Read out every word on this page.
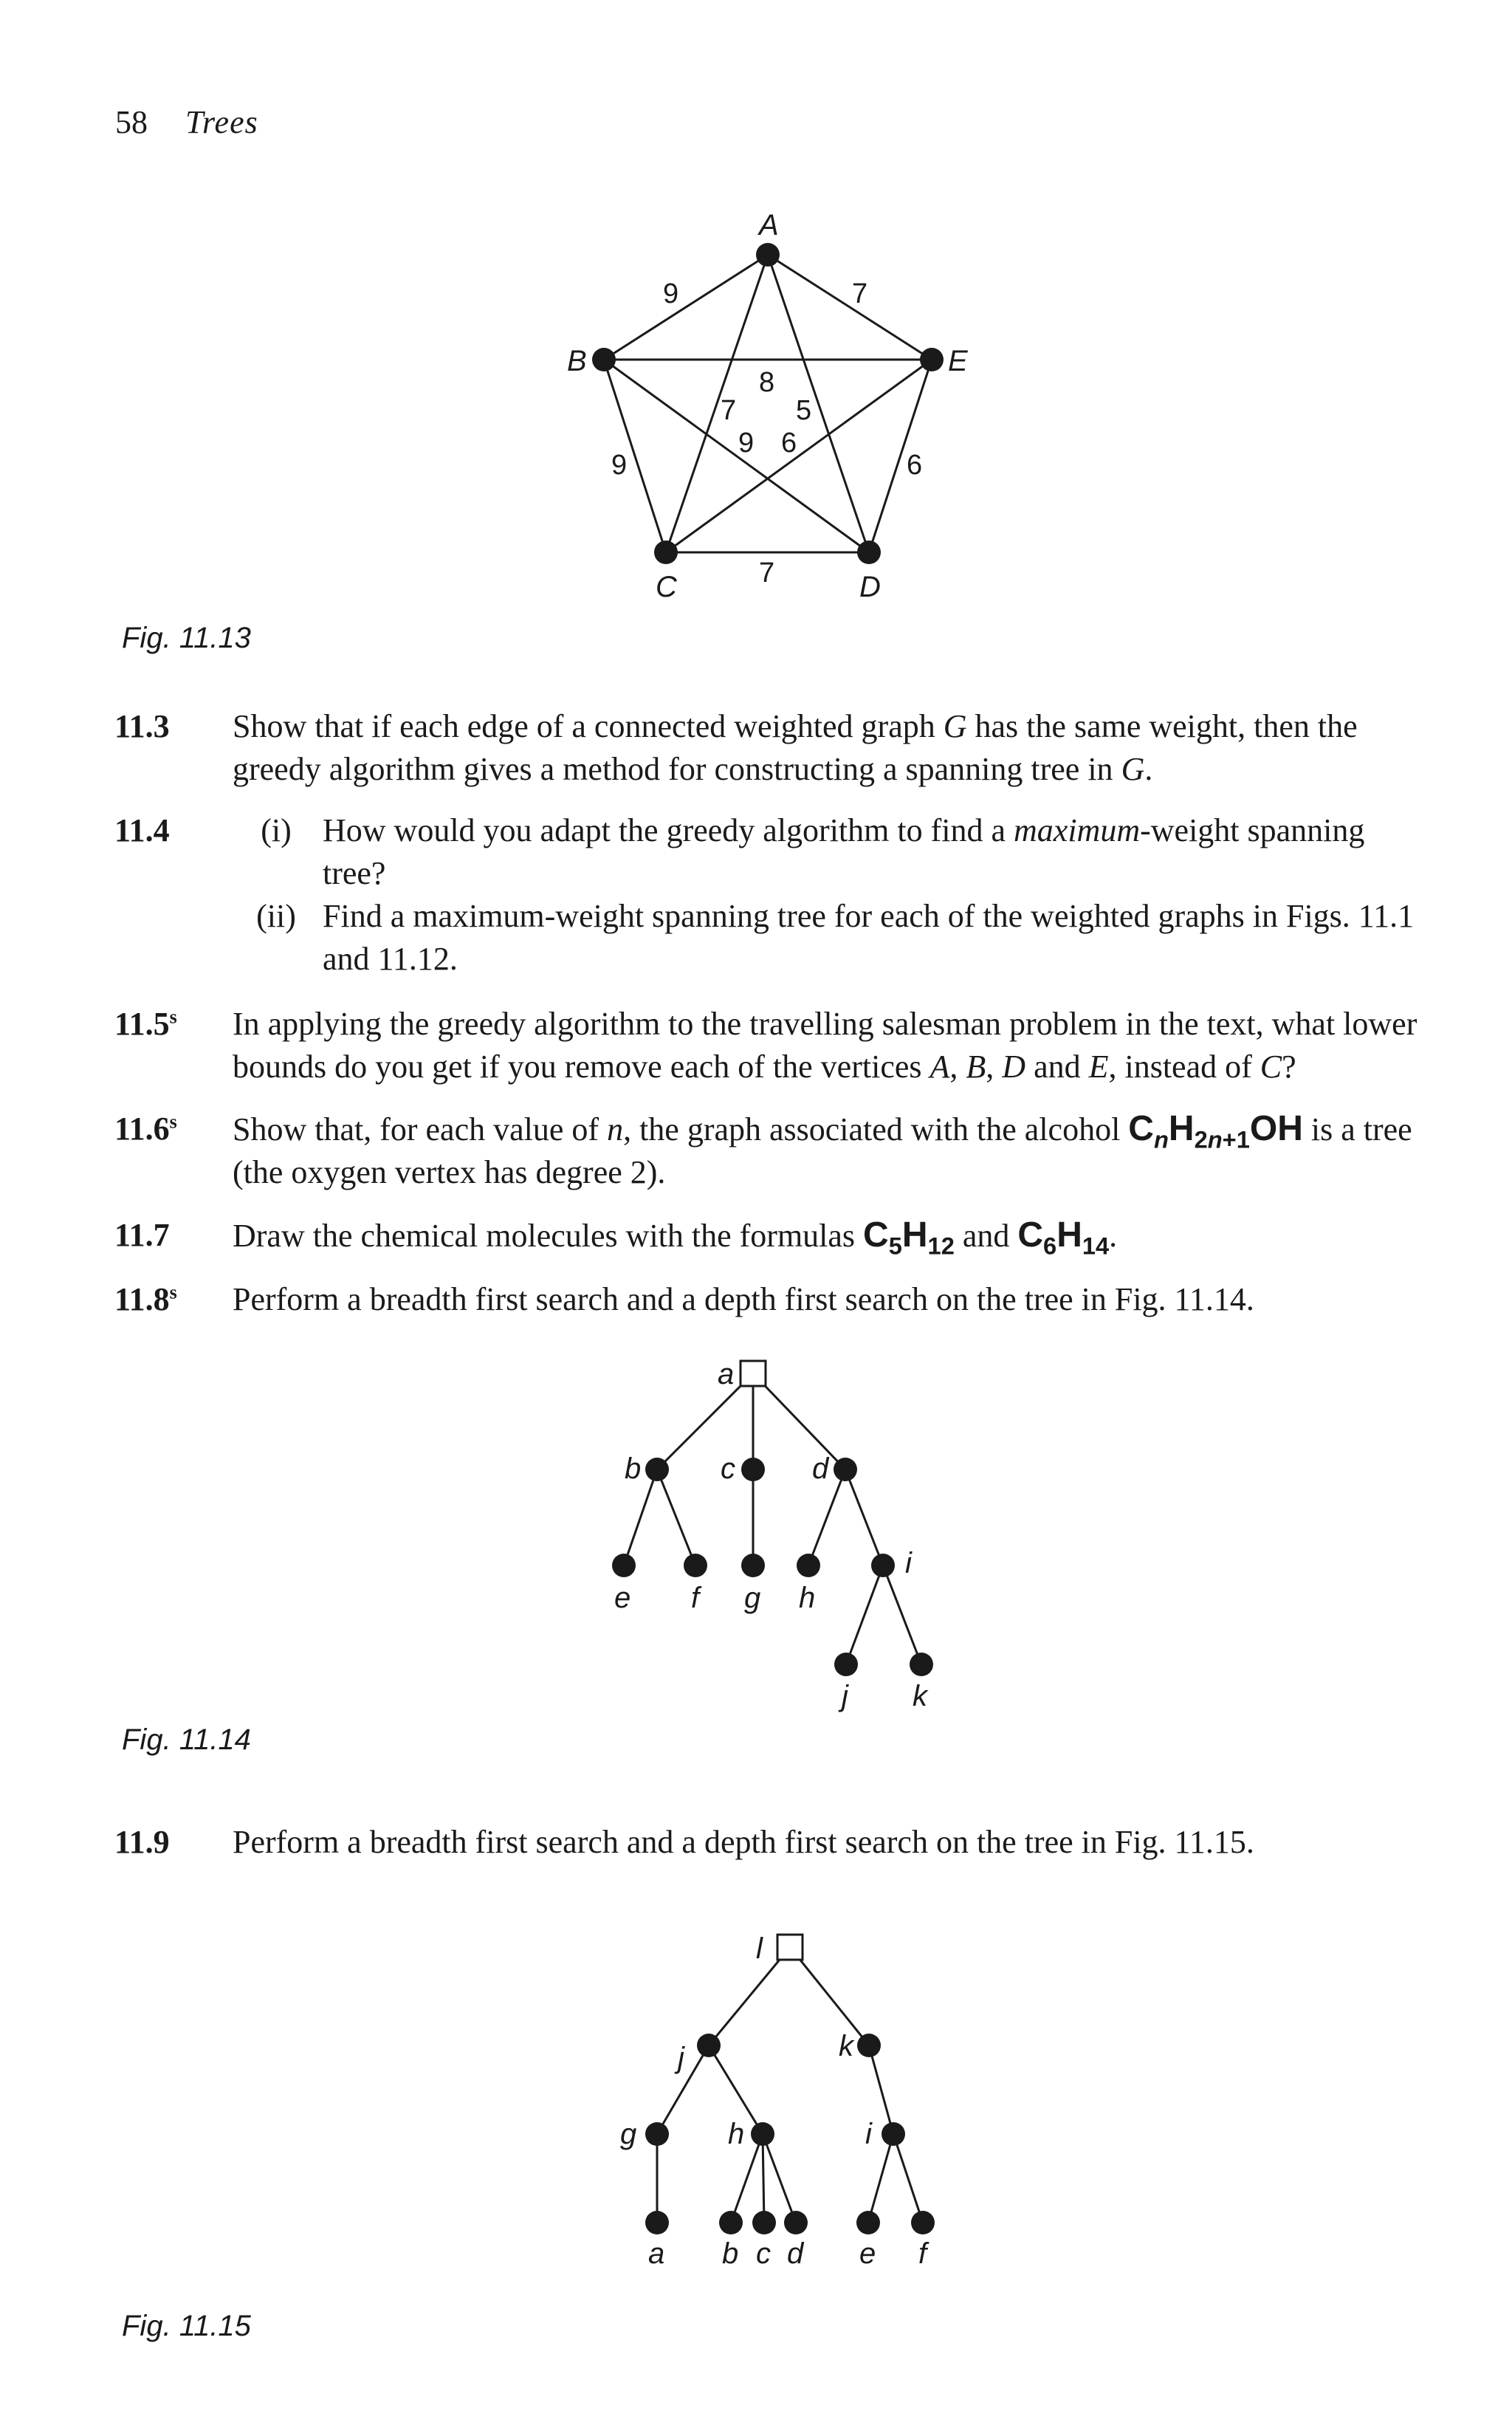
58 Trees
A
B	E
C	D
9	7
8
7 5
9 6
9	6
7
Fig. 11.13
11.3 Show that if each edge of a connected weighted graph G has the same weight, then the greedy algorithm gives a method for constructing a spanning tree in G.
11.4	(i) How would you adapt the greedy algorithm to find a maximum-weight spanning tree?
(ii) Find a maximum-weight spanning tree for each of the weighted graphs in Figs. 11.1 and 11.12.
11.5$^s$ In applying the greedy algorithm to the travelling salesman problem in the text, what lower bounds do you get if you remove each of the vertices A, B, D and E, instead of C?
11.6$^s$ Show that, for each value of n, the graph associated with the alcohol $C_nH_{2n+1}OH$ is a tree (the oxygen vertex has degree 2).
11.7 Draw the chemical molecules with the formulas $C_5H_{12}$ and $C_6H_{14}$.
11.8$^s$ Perform a breadth first search and a depth first search on the tree in Fig. 11.14.
a
b	c	d
e f g h
i
j k
Fig. 11.14
11.9 Perform a breadth first search and a depth first search on the tree in Fig. 11.15.
l
j	k
g	h	i
a b c d e f
Fig. 11.15
